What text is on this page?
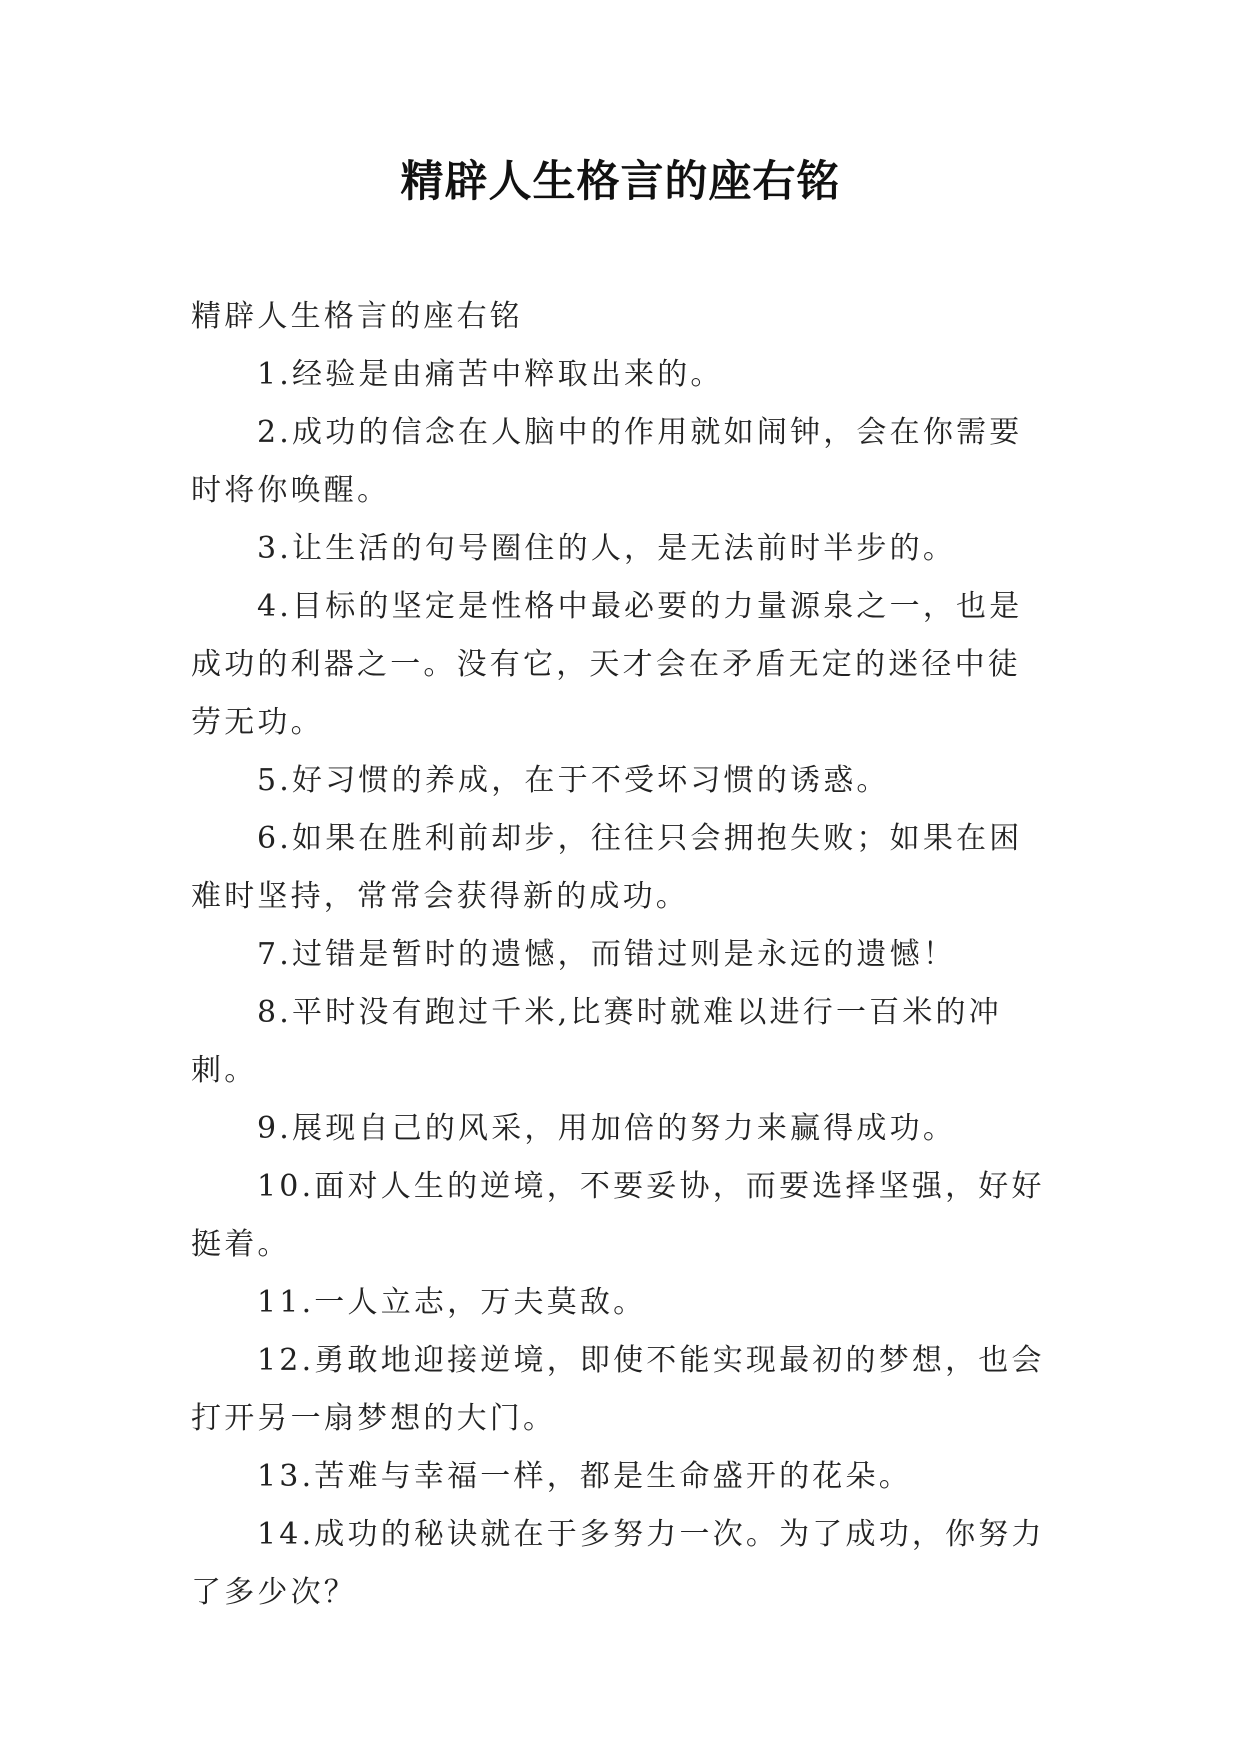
精辟人生格言的座右铭

精辟人生格言的座右铭

1.经验是由痛苦中粹取出来的。

2.成功的信念在人脑中的作用就如闹钟，会在你需要时将你唤醒。

3.让生活的句号圈住的人，是无法前时半步的。

4.目标的坚定是性格中最必要的力量源泉之一，也是成功的利器之一。没有它，天才会在矛盾无定的迷径中徒劳无功。

5.好习惯的养成，在于不受坏习惯的诱惑。

6.如果在胜利前却步，往往只会拥抱失败；如果在困难时坚持，常常会获得新的成功。

7.过错是暂时的遗憾，而错过则是永远的遗憾！

8.平时没有跑过千米,比赛时就难以进行一百米的冲刺。

9.展现自己的风采，用加倍的努力来赢得成功。

10.面对人生的逆境，不要妥协，而要选择坚强，好好挺着。

11.一人立志，万夫莫敌。

12.勇敢地迎接逆境，即使不能实现最初的梦想，也会打开另一扇梦想的大门。

13.苦难与幸福一样，都是生命盛开的花朵。

14.成功的秘诀就在于多努力一次。为了成功，你努力了多少次？
